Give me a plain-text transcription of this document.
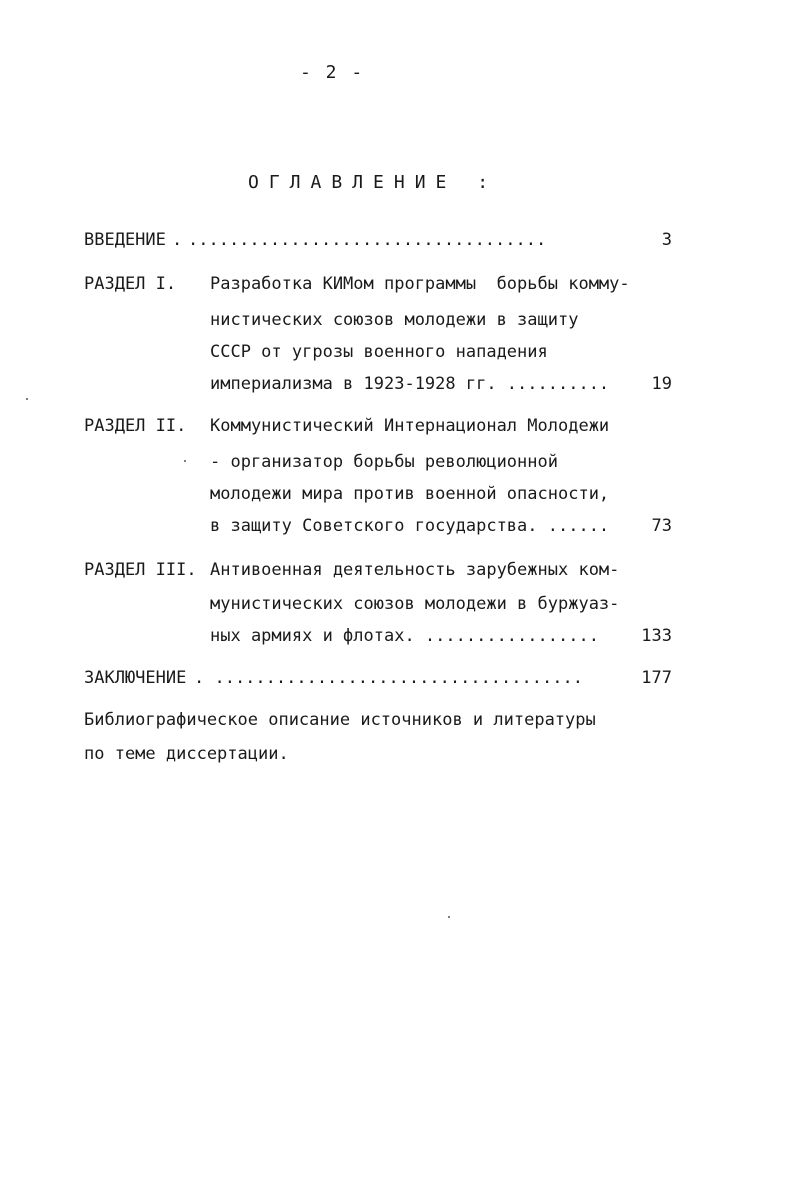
- 2 -
ОГЛАВЛЕНИЕ :
ВВЕДЕНИЕ . ...................................	3
РАЗДЕЛ I. Разработка КИМом программы  борьбы комму-
нистических союзов молодежи в защиту
СССР от угрозы военного нападения
империализма в 1923-1928 гг. ..........	19
РАЗДЕЛ II. Коммунистический Интернационал Молодежи
- организатор борьбы революционной
молодежи мира против военной опасности,
в защиту Советского государства. ......	73
РАЗДЕЛ III. Антивоенная деятельность зарубежных ком-
мунистических союзов молодежи в буржуаз-
ных армиях и флотах. .................	133
ЗАКЛЮЧЕНИЕ . ....................................	177
Библиографическое описание источников и литературы
по теме диссертации.
